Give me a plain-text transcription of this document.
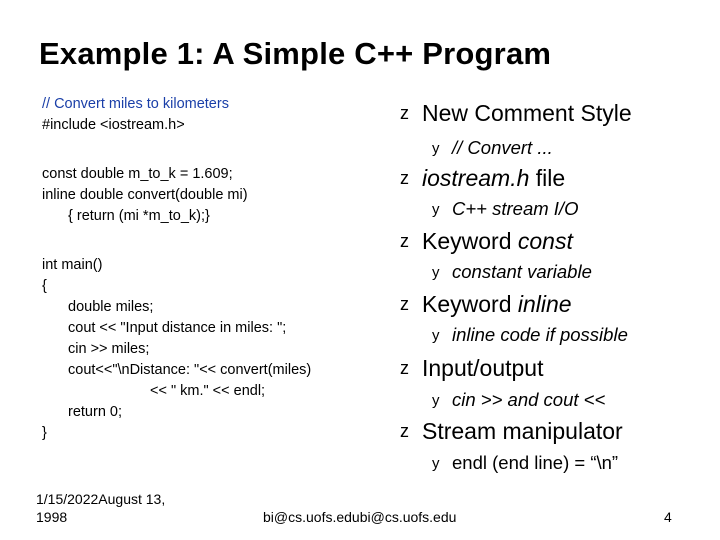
Example 1: A Simple C++ Program
// Convert miles to kilometers
#include <iostream.h>
const double m_to_k = 1.609;
inline double convert(double mi)
{ return (mi *m_to_k);}
int main()
{
double miles;
cout << "Input distance in miles: ";
cin >> miles;
cout<<"\nDistance: "<< convert(miles)
<< " km." << endl;
return 0;
}
z New Comment Style
y // Convert ...
z iostream.h file
y C++ stream I/O
z Keyword const
y constant variable
z Keyword inline
y inline code if possible
z Input/output
y cin >> and cout <<
z Stream manipulator
y endl (end line) = “\n”
1/15/2022August 13,
1998	bi@cs.uofs.edubi@cs.uofs.edu	4
